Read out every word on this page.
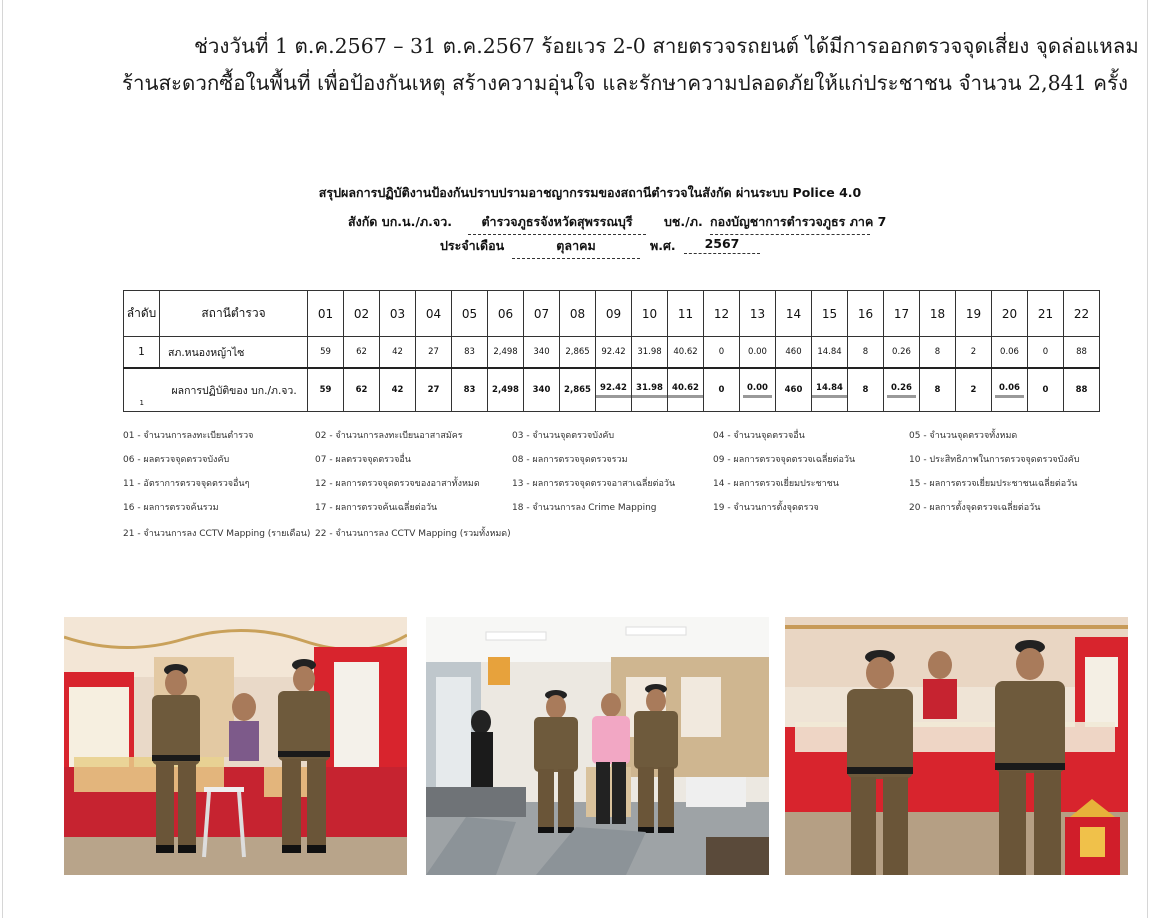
ช่วงวันที่ 1 ต.ค.2567 – 31 ต.ค.2567 ร้อยเวร 2-0 สายตรวจรถยนต์ ได้มีการออกตรวจจุดเสี่ยง จุดล่อแหลม
ร้านสะดวกซื้อในพื้นที่ เพื่อป้องกันเหตุ สร้างความอุ่นใจ และรักษาความปลอดภัยให้แก่ประชาชน จำนวน 2,841 ครั้ง
สรุปผลการปฏิบัติงานป้องกันปราบปรามอาชญากรรมของสถานีตำรวจในสังกัด ผ่านระบบ Police 4.0
สังกัด บก.น./ภ.จว.	ตำรวจภูธรจังหวัดสุพรรณบุรี	บช./ภ. กองบัญชาการตำรวจภูธร ภาค 7
ประจำเดือน	ตุลาคม	พ.ศ.	2567
ลำดับ	สถานีตำรวจ	01	02	03	04	05	06	07	08	09	10	11	12	13	14	15	16	17	18	19	20	21	22
1	สภ.หนองหญ้าไซ	59	62	42	27	83	2,498	340	2,865	92.42	31.98	40.62	0	0.00	460	14.84	8	0.26	8	2	0.06	0	88
1	ผลการปฏิบัติของ บก./ภ.จว.	59	62	42	27	83	2,498	340	2,865	92.42	31.98	40.62	0	0.00	460	14.84	8	0.26	8	2	0.06	0	88
01 - จำนวนการลงทะเบียนตำรวจ	02 - จำนวนการลงทะเบียนอาสาสมัคร	03 - จำนวนจุดตรวจบังคับ	04 - จำนวนจุดตรวจอื่น	05 - จำนวนจุดตรวจทั้งหมด
06 - ผลตรวจจุดตรวจบังคับ	07 - ผลตรวจจุดตรวจอื่น	08 - ผลการตรวจจุดตรวจรวม	09 - ผลการตรวจจุดตรวจเฉลี่ยต่อวัน	10 - ประสิทธิภาพในการตรวจจุดตรวจบังคับ
11 - อัตราการตรวจจุดตรวจอื่นๆ	12 - ผลการตรวจจุดตรวจของอาสาทั้งหมด	13 - ผลการตรวจจุดตรวจอาสาเฉลี่ยต่อวัน	14 - ผลการตรวจเยี่ยมประชาชน	15 - ผลการตรวจเยี่ยมประชาชนเฉลี่ยต่อวัน
16 - ผลการตรวจค้นรวม	17 - ผลการตรวจค้นเฉลี่ยต่อวัน	18 - จำนวนการลง Crime Mapping	19 - จำนวนการตั้งจุดตรวจ	20 - ผลการตั้งจุดตรวจเฉลี่ยต่อวัน
21 - จำนวนการลง CCTV Mapping (รายเดือน) 22 - จำนวนการลง CCTV Mapping (รวมทั้งหมด)
